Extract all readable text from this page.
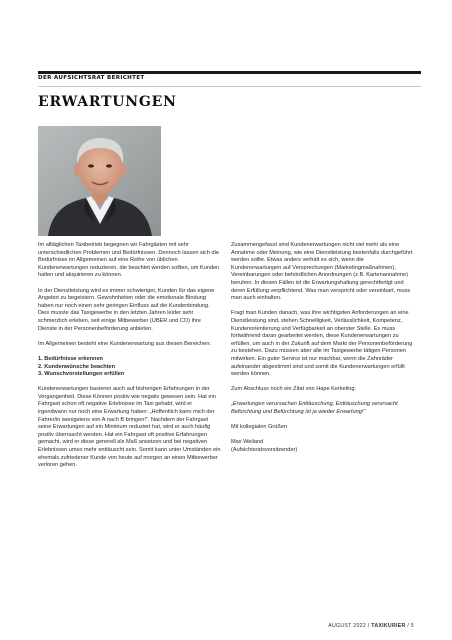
DER AUFSICHTSRAT BERICHTET
ERWARTUNGEN

Im alltäglichen Taxibetrieb begegnen wir Fahrgästen mit sehr unterschiedlichen Problemen und Bedürfnissen. Dennoch lassen sich die Bedürfnisse im Allgemeinen auf eine Reihe von üblichen Kundenerwartungen reduzieren, die beachtet werden sollten, um Kunden halten und akquirieren zu können.

In der Dienstleistung wird es immer schwieriger, Kunden für das eigene Angebot zu begeistern. Gewohnheiten oder die emotionale Bindung haben nur noch einen sehr geringen Einfluss auf die Kundenbindung. Dies musste das Taxigewerbe in den letzten Jahren leider sehr schmerzlich erleben, seit einige Mitbewerber (UBER und CO) ihre Dienste in der Personenbeförderung anbieten.

Im Allgemeinen besteht eine Kundenerwartung aus diesen Bereichen:

1. Bedürfnisse erkennen
2. Kundenwünsche beachten
3. Wunschvorstellungen erfüllen

Kundenerwartungen basieren auch auf bisherigen Erfahrungen in der Vergangenheit. Diese Können positiv wie negativ gewesen sein. Hat ein Fahrgast schon oft negative Erlebnisse im Taxi gehabt, wird er irgendwann nur noch eine Erwartung haben: „Hoffentlich kann mich der Fahrer/in wenigstens von A nach B bringen!“. Nachdem der Fahrgast seine Erwartungen auf ein Minimum reduziert hat, wird er auch häufig positiv überrascht werden. Hat ein Fahrgast oft positive Erfahrungen gemacht, wird er diese generell als Maß ansetzen und bei negativen Erlebnissen umso mehr enttäuscht sein. Somit kann unter Umständen ein ehemals zufriedener Kunde von heute auf morgen an einen Mitbewerber verloren gehen.

Zusammengefasst sind Kundenerwartungen nicht viel mehr als eine Annahme oder Meinung, wie eine Dienstleistung bestenfalls durchgeführt werden sollte. Etwas anders verhält es sich, wenn die Kundenerwartungen auf Versprechungen (Marketingmaßnahmen), Vereinbarungen oder behördlichen Anordnungen (z.B. Kartenannahme) beruhen. In diesen Fällen ist die Erwartungshaltung gerechtfertigt und deren Erfüllung verpflichtend. Was man verspricht oder vereinbart, muss man auch einhalten.

Fragt man Kunden danach, was ihre wichtigsten Anforderungen an eine Dienstleistung sind, stehen Schnelligkeit, Verlässlichkeit, Kompetenz, Kundenorientierung und Verfügbarkeit an oberster Stelle. Es muss fortwährend daran gearbeitet werden, diese Kundenerwartungen zu erfüllen, um auch in der Zukunft auf dem Markt der Personenbeförderung zu bestehen. Dazu müssen aber alle im Taxigewerbe tätigen Personen mitwirken. Ein guter Service ist nur machbar, wenn die Zahnräder aufeinander abgestimmt sind und somit die Kundenerwartungen erfüllt werden können.

Zum Abschluss noch ein Zitat von Hape Kerkeling:

„Erwartungen verursachen Enttäuschung, Enttäuschung verursacht Befürchtung und Befürchtung ist ja wieder Erwartung!“

Mit kollegialen Grüßen

Max Weiland
(Aufsichtsratsvorsitzender)
AUGUST 2022 / TAXIKURIER / 5
